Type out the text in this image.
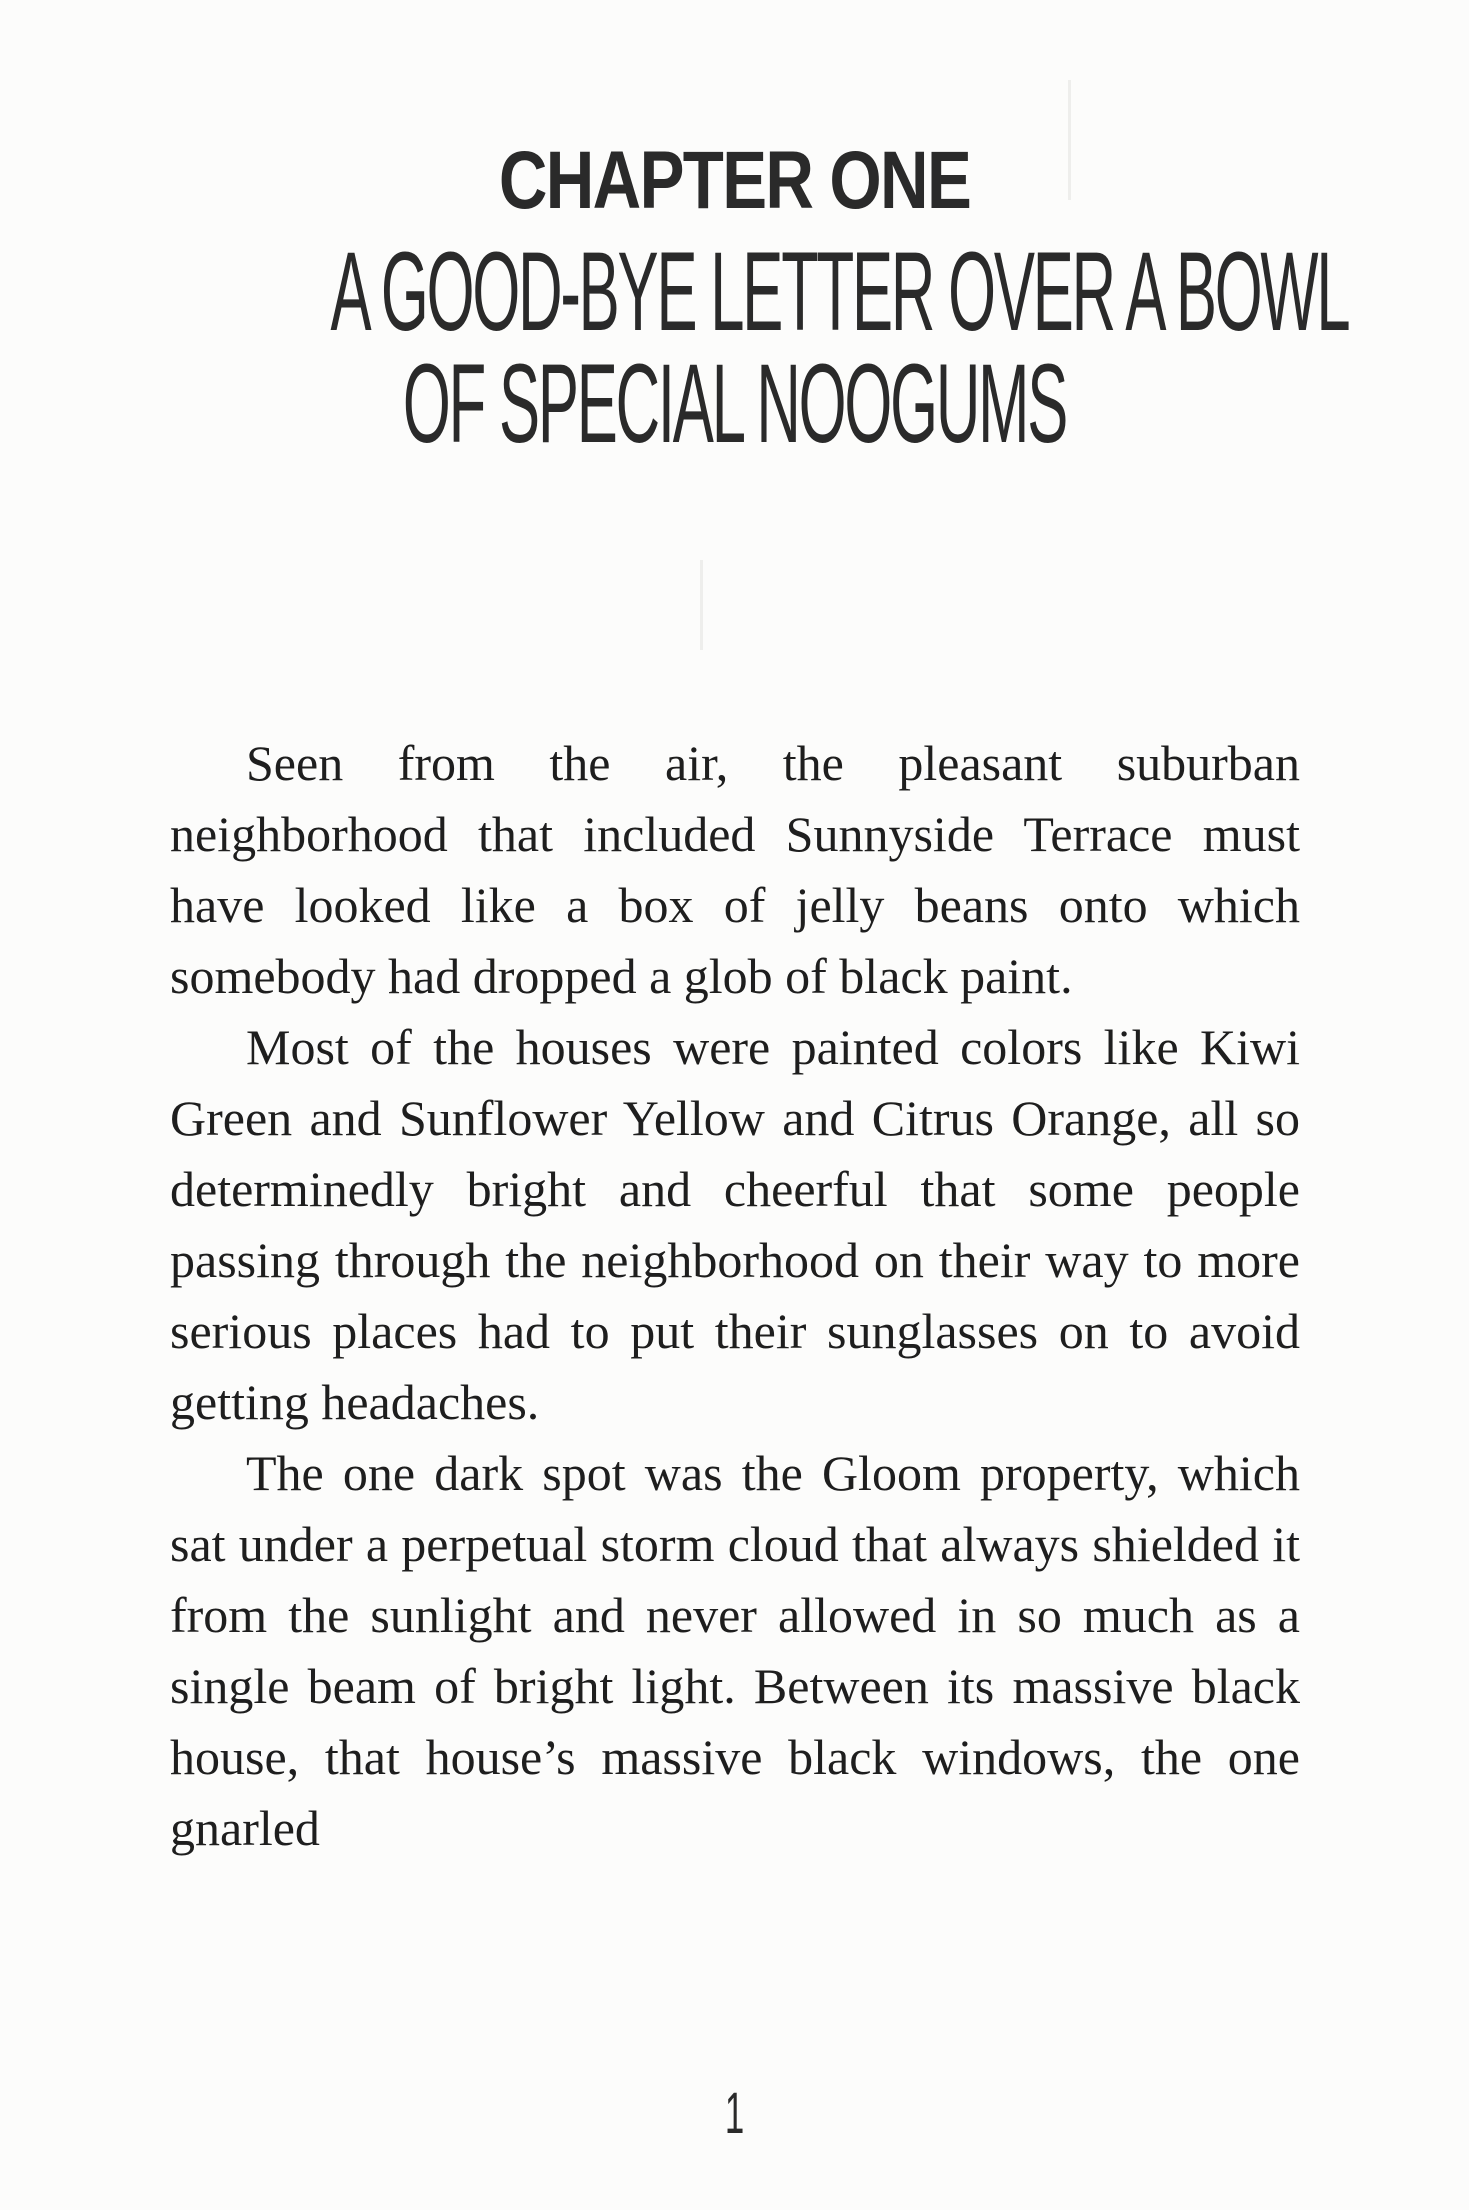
CHAPTER ONE
A GOOD-BYE LETTER OVER A BOWL
OF SPECIAL NOOGUMS

Seen from the air, the pleasant suburban neighborhood that included Sunnyside Terrace must have looked like a box of jelly beans onto which somebody had dropped a glob of black paint.

Most of the houses were painted colors like Kiwi Green and Sunflower Yellow and Citrus Orange, all so determinedly bright and cheerful that some people passing through the neighborhood on their way to more serious places had to put their sunglasses on to avoid getting headaches.

The one dark spot was the Gloom property, which sat under a perpetual storm cloud that always shielded it from the sunlight and never allowed in so much as a single beam of bright light. Between its massive black house, that house’s massive black windows, the one gnarled

1
